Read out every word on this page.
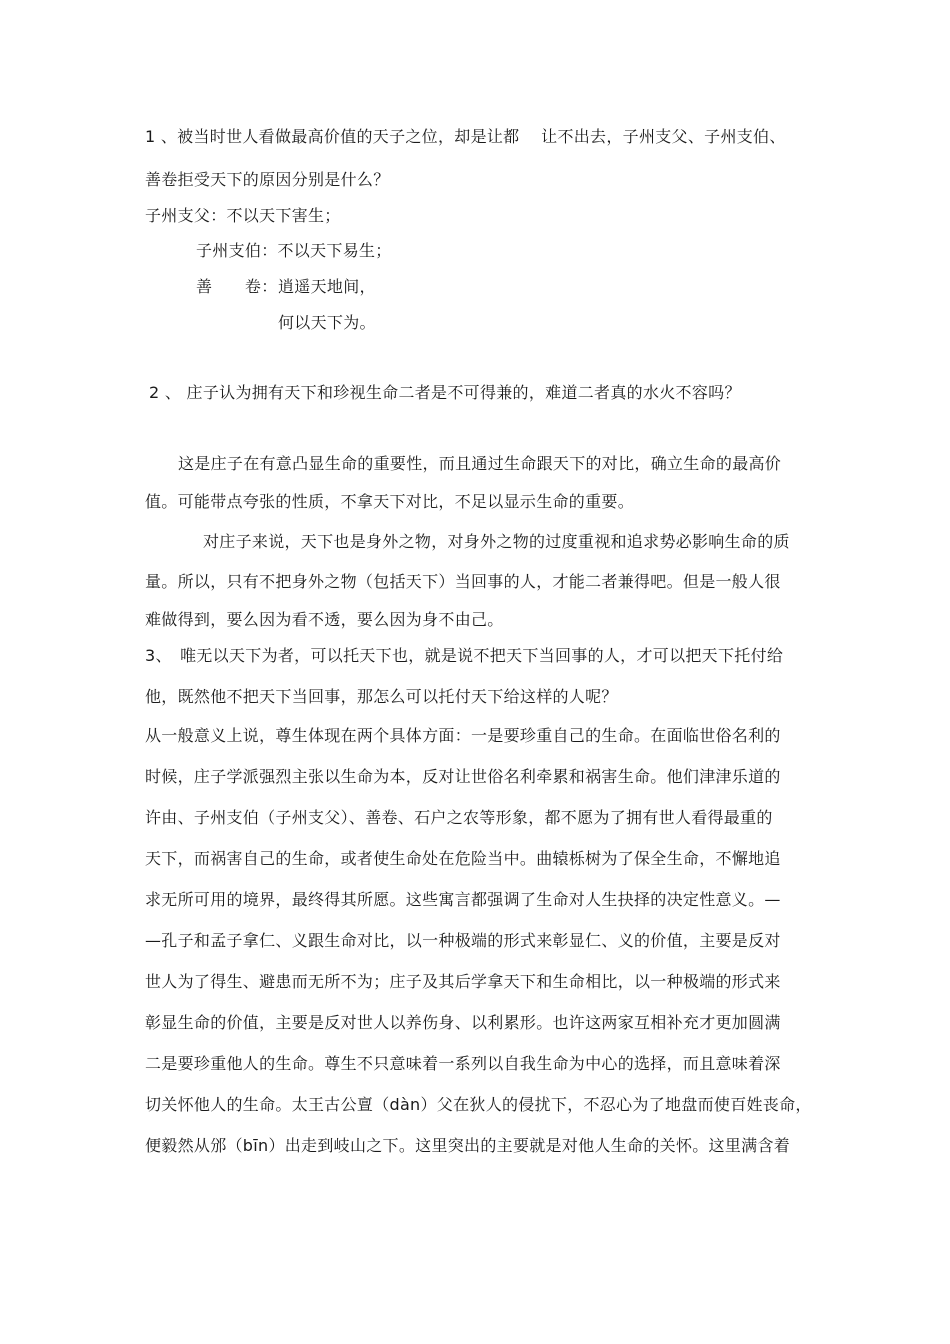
1 、被当时世人看做最高价值的天子之位，却是让都　 让不出去，子州支父、子州支伯、
善卷拒受天下的原因分别是什么？
子州支父：不以天下害生；
子州支伯：不以天下易生；
善　　卷： 逍遥天地间，
何以天下为。
2 、 庄子认为拥有天下和珍视生命二者是不可得兼的，难道二者真的水火不容吗？
这是庄子在有意凸显生命的重要性，而且通过生命跟天下的对比，确立生命的最高价
值。可能带点夸张的性质，不拿天下对比，不足以显示生命的重要。
对庄子来说，天下也是身外之物，对身外之物的过度重视和追求势必影响生命的质
量。所以，只有不把身外之物（包括天下）当回事的人，才能二者兼得吧。但是一般人很
难做得到，要么因为看不透，要么因为身不由己。
3、　唯无以天下为者，可以托天下也，就是说不把天下当回事的人，才可以把天下托付给
他，既然他不把天下当回事，那怎么可以托付天下给这样的人呢？
从一般意义上说，尊生体现在两个具体方面：一是要珍重自己的生命。在面临世俗名利的
时候，庄子学派强烈主张以生命为本，反对让世俗名利牵累和祸害生命。他们津津乐道的
许由、子州支伯（子州支父）、善卷、石户之农等形象，都不愿为了拥有世人看得最重的
天下，而祸害自己的生命，或者使生命处在危险当中。曲辕栎树为了保全生命，不懈地追
求无所可用的境界，最终得其所愿。这些寓言都强调了生命对人生抉择的决定性意义。—
—孔子和孟子拿仁、义跟生命对比，以一种极端的形式来彰显仁、义的价值，主要是反对
世人为了得生、避患而无所不为；庄子及其后学拿天下和生命相比，以一种极端的形式来
彰显生命的价值，主要是反对世人以养伤身、以利累形。也许这两家互相补充才更加圆满
二是要珍重他人的生命。尊生不只意味着一系列以自我生命为中心的选择，而且意味着深
切关怀他人的生命。太王古公亶（dàn）父在狄人的侵扰下，不忍心为了地盘而使百姓丧命，
便毅然从邠（bīn）出走到岐山之下。这里突出的主要就是对他人生命的关怀。这里满含着
